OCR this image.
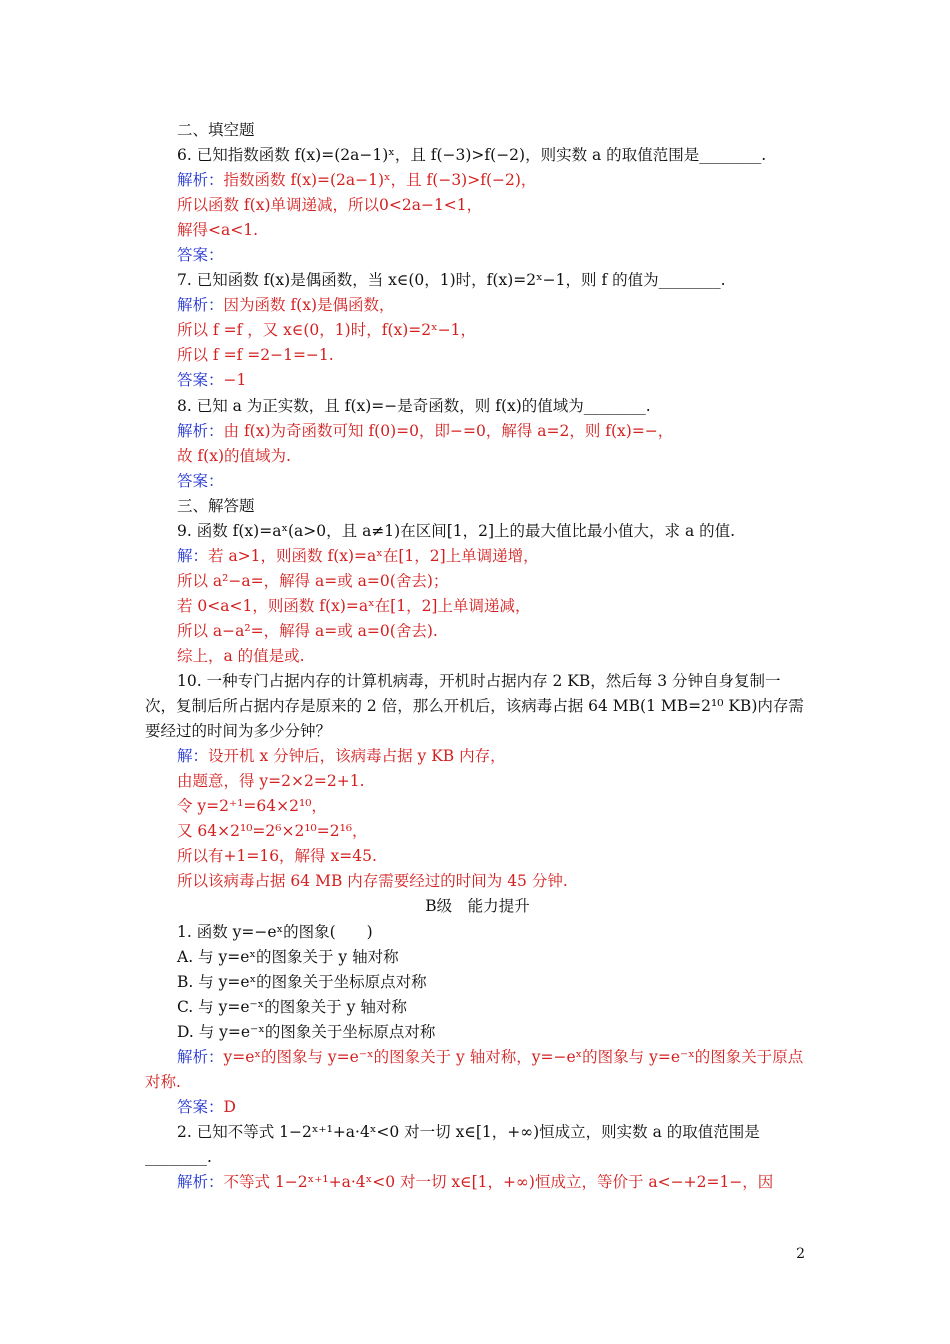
二、填空题
6. 已知指数函数 f(x)=(2a−1)ˣ，且 f(−3)>f(−2)，则实数 a 的取值范围是________.
解析：指数函数 f(x)=(2a−1)ˣ，且 f(−3)>f(−2)，
所以函数 f(x)单调递减，所以0<2a−1<1，
解得<a<1.
答案：
7. 已知函数 f(x)是偶函数，当 x∈(0，1)时，f(x)=2ˣ−1，则 f 的值为________.
解析：因为函数 f(x)是偶函数，
所以 f =f ，又 x∈(0，1)时，f(x)=2ˣ−1，
所以 f =f =2−1=−1.
答案：−1
8. 已知 a 为正实数，且 f(x)=−是奇函数，则 f(x)的值域为________.
解析：由 f(x)为奇函数可知 f(0)=0，即−=0，解得 a=2，则 f(x)=−，
故 f(x)的值域为.
答案：
三、解答题
9. 函数 f(x)=aˣ(a>0，且 a≠1)在区间[1，2]上的最大值比最小值大，求 a 的值.
解：若 a>1，则函数 f(x)=aˣ在[1，2]上单调递增，
所以 a²−a=，解得 a=或 a=0(舍去)；
若 0<a<1，则函数 f(x)=aˣ在[1，2]上单调递减，
所以 a−a²=，解得 a=或 a=0(舍去).
综上，a 的值是或.
10. 一种专门占据内存的计算机病毒，开机时占据内存 2 KB，然后每 3 分钟自身复制一次，复制后所占据内存是原来的 2 倍，那么开机后，该病毒占据 64 MB(1 MB=2¹⁰ KB)内存需要经过的时间为多少分钟？
解：设开机 x 分钟后，该病毒占据 y KB 内存，
由题意，得 y=2×2=2+1.
令 y=2⁺¹=64×2¹⁰，
又 64×2¹⁰=2⁶×2¹⁰=2¹⁶，
所以有+1=16，解得 x=45.
所以该病毒占据 64 MB 内存需要经过的时间为 45 分钟.
B级　能力提升
1. 函数 y=−eˣ的图象(　　)
A. 与 y=eˣ的图象关于 y 轴对称
B. 与 y=eˣ的图象关于坐标原点对称
C. 与 y=e⁻ˣ的图象关于 y 轴对称
D. 与 y=e⁻ˣ的图象关于坐标原点对称
解析：y=eˣ的图象与 y=e⁻ˣ的图象关于 y 轴对称，y=−eˣ的图象与 y=e⁻ˣ的图象关于原点对称.
答案：D
2. 已知不等式 1−2ˣ⁺¹+a·4ˣ<0 对一切 x∈[1，+∞)恒成立，则实数 a 的取值范围是________.
解析：不等式 1−2ˣ⁺¹+a·4ˣ<0 对一切 x∈[1，+∞)恒成立，等价于 a<−+2=1−，因
2
